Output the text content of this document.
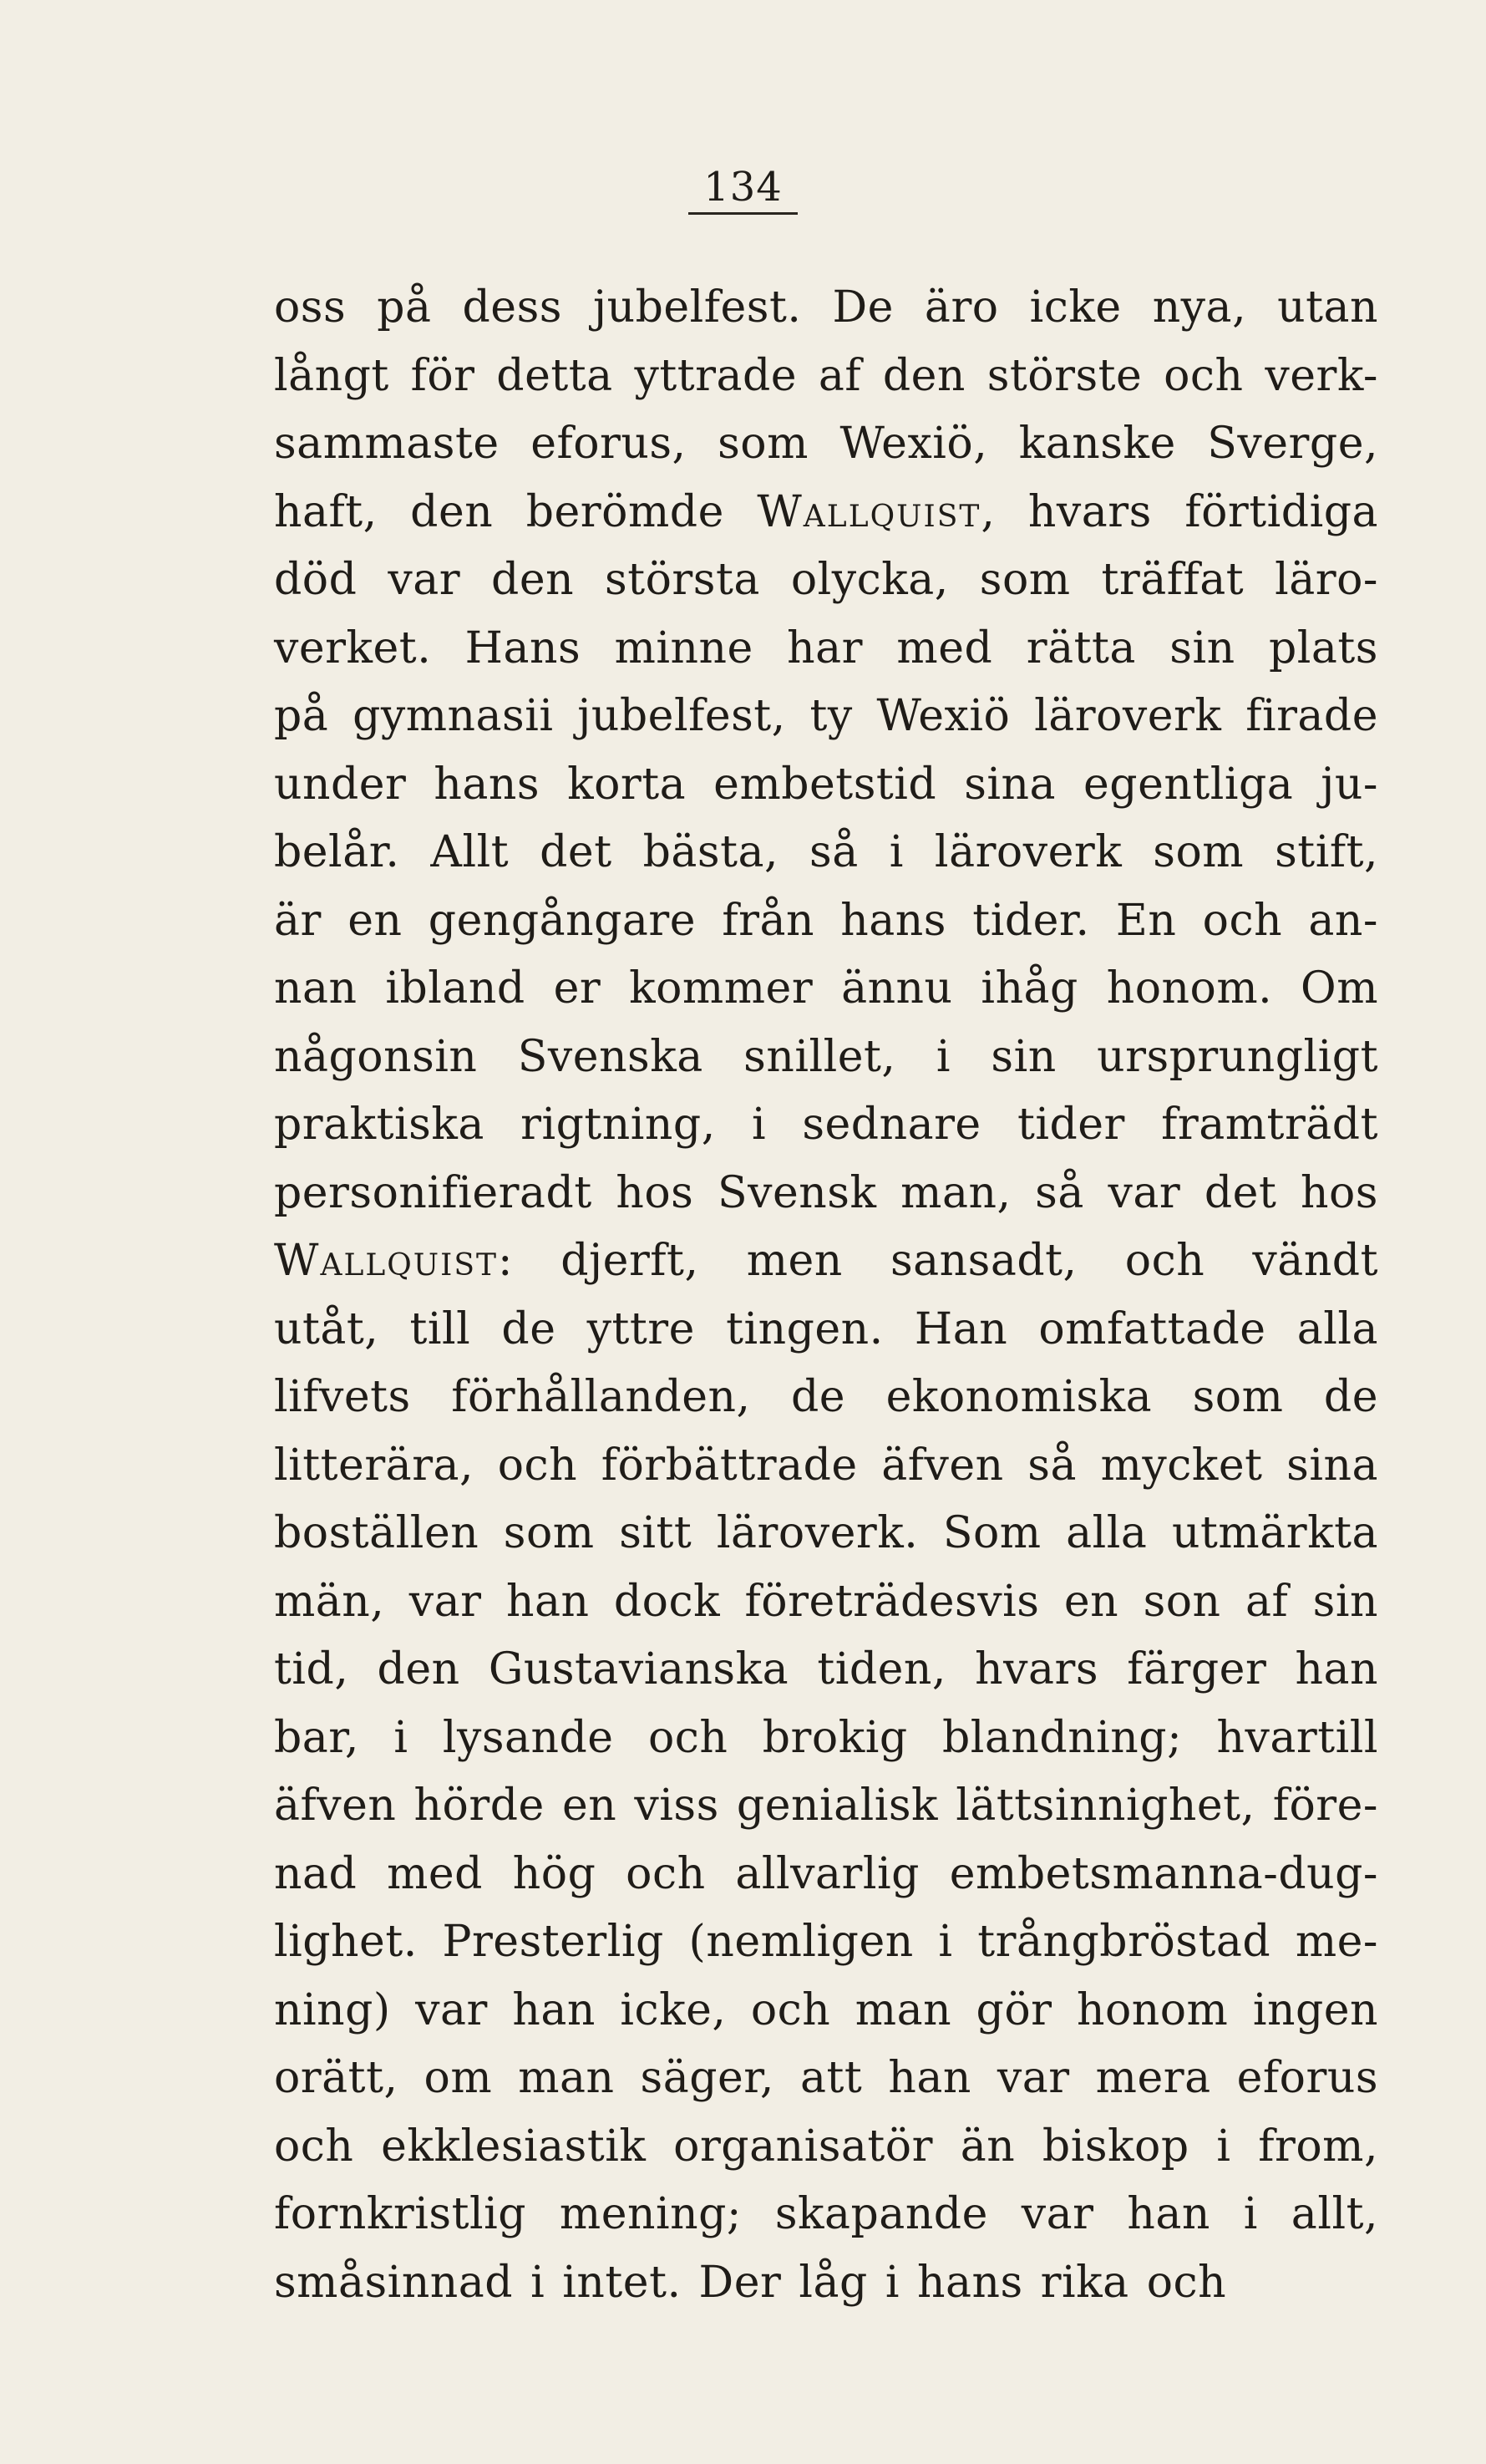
134
oss på dess jubelfest. De äro icke nya, utan
långt för detta yttrade af den störste och verk-
sammaste eforus, som Wexiö, kanske Sverge,
haft, den berömde Wallquist, hvars förtidiga
död var den största olycka, som träffat läro-
verket. Hans minne har med rätta sin plats
på gymnasii jubelfest, ty Wexiö läroverk firade
under hans korta embetstid sina egentliga ju-
belår. Allt det bästa, så i läroverk som stift,
är en gengångare från hans tider. En och an-
nan ibland er kommer ännu ihåg honom. Om
någonsin Svenska snillet, i sin ursprungligt
praktiska rigtning, i sednare tider framträdt
personifieradt hos Svensk man, så var det hos
Wallquist: djerft, men sansadt, och vändt
utåt, till de yttre tingen. Han omfattade alla
lifvets förhållanden, de ekonomiska som de
litterära, och förbättrade äfven så mycket sina
boställen som sitt läroverk. Som alla utmärkta
män, var han dock företrädesvis en son af sin
tid, den Gustavianska tiden, hvars färger han
bar, i lysande och brokig blandning; hvartill
äfven hörde en viss genialisk lättsinnighet, före-
nad med hög och allvarlig embetsmanna-dug-
lighet. Presterlig (nemligen i trångbröstad me-
ning) var han icke, och man gör honom ingen
orätt, om man säger, att han var mera eforus
och ekklesiastik organisatör än biskop i from,
fornkristlig mening; skapande var han i allt,
småsinnad i intet. Der låg i hans rika och
